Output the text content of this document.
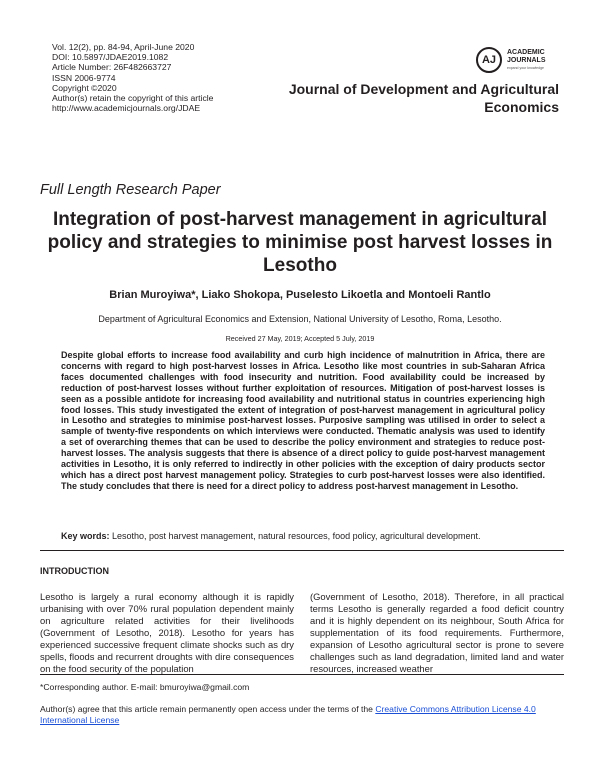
Vol. 12(2), pp. 84-94, April-June 2020
DOI: 10.5897/JDAE2019.1082
Article Number: 26F482663727
ISSN 2006-9774
Copyright ©2020
Author(s) retain the copyright of this article
http://www.academicjournals.org/JDAE
AJ
ACADEMIC
JOURNALS
expand your knowledge
Journal of Development and Agricultural Economics
Full Length Research Paper
Integration of post-harvest management in agricultural policy and strategies to minimise post harvest losses in Lesotho
Brian Muroyiwa*, Liako Shokopa, Puselesto Likoetla and Montoeli Rantlo
Department of Agricultural Economics and Extension, National University of Lesotho, Roma, Lesotho.
Received 27 May, 2019; Accepted 5 July, 2019
Despite global efforts to increase food availability and curb high incidence of malnutrition in Africa, there are concerns with regard to high post-harvest losses in Africa. Lesotho like most countries in sub-Saharan Africa faces documented challenges with food insecurity and nutrition. Food availability could be increased by reduction of post-harvest losses without further exploitation of resources. Mitigation of post-harvest losses is seen as a possible antidote for increasing food availability and nutritional status in countries experiencing high food losses. This study investigated the extent of integration of post-harvest management in agricultural policy in Lesotho and strategies to minimise post-harvest losses. Purposive sampling was utilised in order to select a sample of twenty-five respondents on which interviews were conducted. Thematic analysis was used to identify a set of overarching themes that can be used to describe the policy environment and strategies to reduce post-harvest losses. The analysis suggests that there is absence of a direct policy to guide post-harvest management activities in Lesotho, it is only referred to indirectly in other policies with the exception of dairy products sector which has a direct post harvest management policy. Strategies to curb post-harvest losses were also identified. The study concludes that there is need for a direct policy to address post-harvest management in Lesotho.
Key words: Lesotho, post harvest management, natural resources, food policy, agricultural development.
INTRODUCTION
Lesotho is largely a rural economy although it is rapidly urbanising with over 70% rural population dependent mainly on agriculture related activities for their livelihoods (Government of Lesotho, 2018). Lesotho for years has experienced successive frequent climate shocks such as dry spells, floods and recurrent droughts with dire consequences on the food security of the population
(Government of Lesotho, 2018). Therefore, in all practical terms Lesotho is generally regarded a food deficit country and it is highly dependent on its neighbour, South Africa for supplementation of its food requirements. Furthermore, expansion of Lesotho agricultural sector is prone to severe challenges such as land degradation, limited land and water resources, increased weather
*Corresponding author. E-mail: bmuroyiwa@gmail.com
Author(s) agree that this article remain permanently open access under the terms of the Creative Commons Attribution License 4.0 International License
